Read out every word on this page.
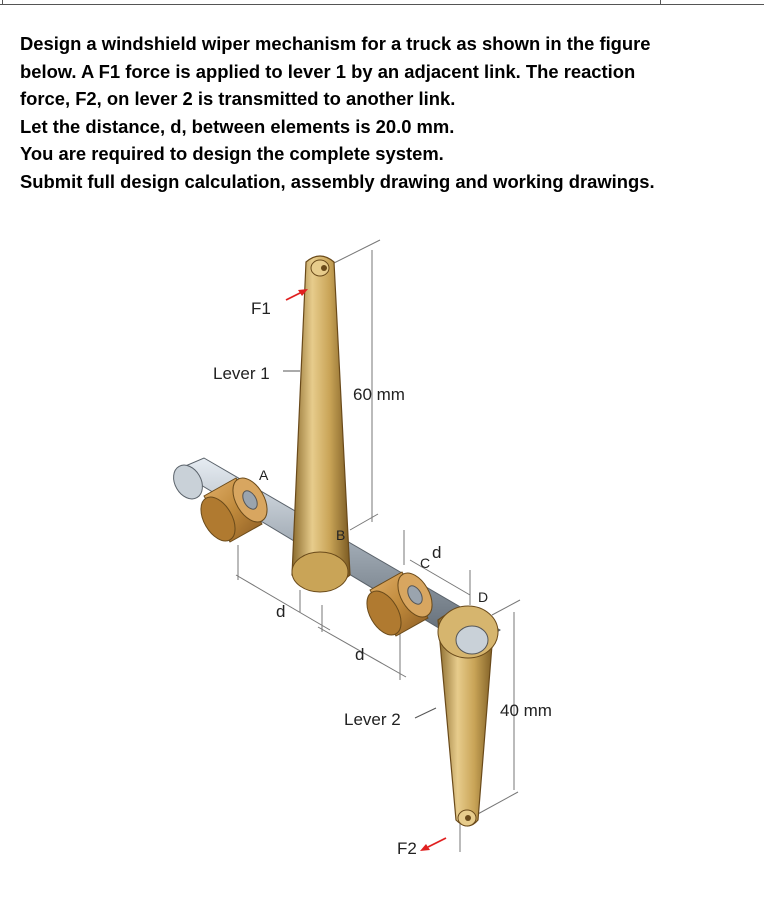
Design a windshield wiper mechanism for a truck as shown in the figure

below. A F1 force is applied to lever 1 by an adjacent link. The reaction

force, F2, on lever 2 is transmitted to another link.

Let the distance, d, between elements is 20.0 mm.

You are required to design the complete system.

Submit full design calculation, assembly drawing and working drawings.

F1
Lever 1
60 mm
A
B
C
D
d
d
d
Lever 2	40 mm
F2
